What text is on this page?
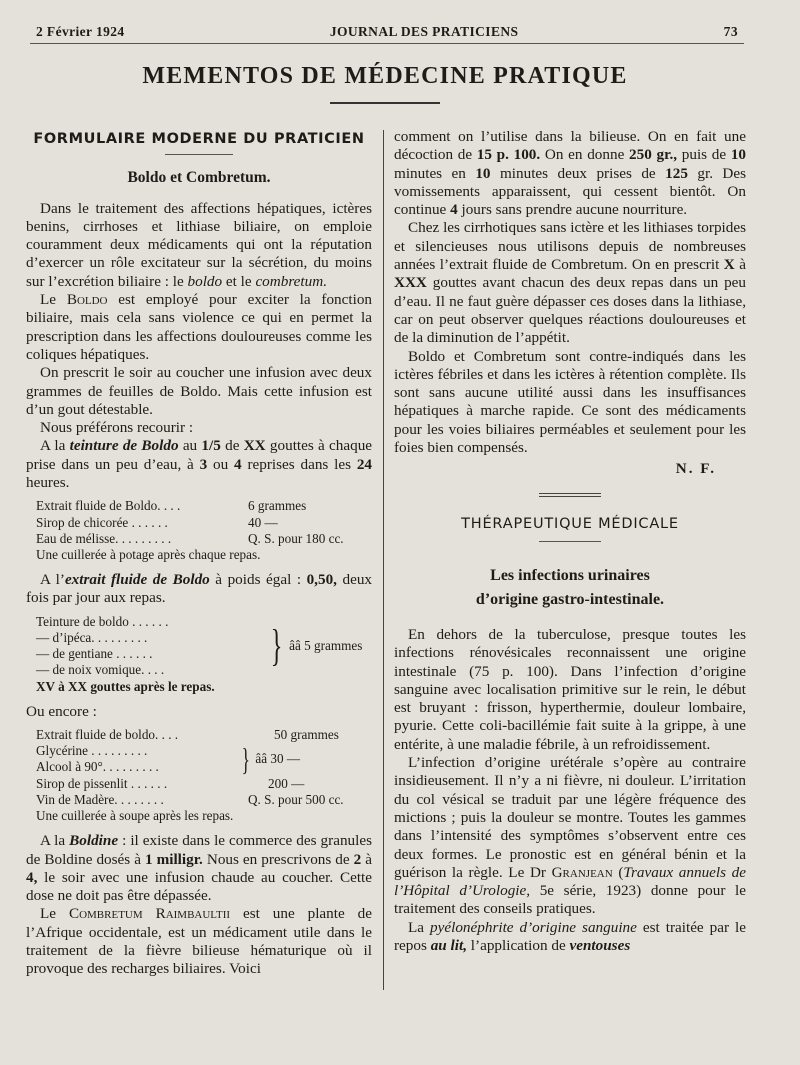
2 Février 1924	JOURNAL DES PRATICIENS	73
MEMENTOS DE MÉDECINE PRATIQUE
FORMULAIRE MODERNE DU PRATICIEN
Boldo et Combretum.

Dans le traitement des affections hépatiques, ictères benins, cirrhoses et lithiase biliaire, on emploie couramment deux médicaments qui ont la réputation d’exercer un rôle excitateur sur la sécrétion, du moins sur l’excrétion biliaire : le boldo et le combretum.

Le Boldo est employé pour exciter la fonction biliaire, mais cela sans violence ce qui en permet la prescription dans les affections douloureuses comme les coliques hépatiques.

On prescrit le soir au coucher une infusion avec deux grammes de feuilles de Boldo. Mais cette infusion est d’un gout détestable.

Nous préférons recourir :

A la teinture de Boldo au 1/5 de XX gouttes à chaque prise dans un peu d’eau, à 3 ou 4 reprises dans les 24 heures.

Extrait fluide de Boldo. . . .	6 grammes
Sirop de chicorée . . . . . .	40 —
Eau de mélisse. . . . . . . . .	Q. S. pour 180 cc.
Une cuillerée à potage après chaque repas.

A l’extrait fluide de Boldo à poids égal : 0,50, deux fois par jour aux repas.

Teinture de boldo . . . . . .
— d’ipéca. . . . . . . . .
— de gentiane . . . . . .
— de noix vomique. . . .	} ââ 5 grammes
XV à XX gouttes après le repas.

Ou encore :

Extrait fluide de boldo. . . .	50 grammes
Glycérine . . . . . . . . .
Alcool à 90°. . . . . . . . .	} ââ 30 —
Sirop de pissenlit . . . . . .	200 —
Vin de Madère. . . . . . . .	Q. S. pour 500 cc.
Une cuillerée à soupe après les repas.

A la Boldine : il existe dans le commerce des granules de Boldine dosés à 1 milligr. Nous en prescrivons de 2 à 4, le soir avec une infusion chaude au coucher. Cette dose ne doit pas être dépassée.

Le Combretum Raimbaultii est une plante de l’Afrique occidentale, est un médicament utile dans le traitement de la fièvre bilieuse hématurique où il provoque des recharges biliaires. Voici

comment on l’utilise dans la bilieuse. On en fait une décoction de 15 p. 100. On en donne 250 gr., puis de 10 minutes en 10 minutes deux prises de 125 gr. Des vomissements apparaissent, qui cessent bientôt. On continue 4 jours sans prendre aucune nourriture.

Chez les cirrhotiques sans ictère et les lithiases torpides et silencieuses nous utilisons depuis de nombreuses années l’extrait fluide de Combretum. On en prescrit X à XXX gouttes avant chacun des deux repas dans un peu d’eau. Il ne faut guère dépasser ces doses dans la lithiase, car on peut observer quelques réactions douloureuses et de la diminution de l’appétit.

Boldo et Combretum sont contre-indiqués dans les ictères fébriles et dans les ictères à rétention complète. Ils sont sans aucune utilité aussi dans les insuffisances hépatiques à marche rapide. Ce sont des médicaments pour les voies biliaires perméables et seulement pour les foies bien compensés.

N. F.
THÉRAPEUTIQUE MÉDICALE
Les infections urinaires
d’origine gastro-intestinale.

En dehors de la tuberculose, presque toutes les infections rénovésicales reconnaissent une origine intestinale (75 p. 100). Dans l’infection d’origine sanguine avec localisation primitive sur le rein, le début est bruyant : frisson, hyperthermie, douleur lombaire, pyurie. Cette coli-bacillémie fait suite à la grippe, à une entérite, à une maladie fébrile, à un refroidissement.

L’infection d’origine urétérale s’opère au contraire insidieusement. Il n’y a ni fièvre, ni douleur. L’irritation du col vésical se traduit par une légère fréquence des mictions ; puis la douleur se montre. Toutes les gammes dans l’intensité des symptômes s’observent entre ces deux formes. Le pronostic est en général bénin et la guérison la règle. Le Dr Granjean (Travaux annuels de l’Hôpital d’Urologie, 5e série, 1923) donne pour le traitement des conseils pratiques.

La pyélonéphrite d’origine sanguine est traitée par le repos au lit, l’application de ventouses
